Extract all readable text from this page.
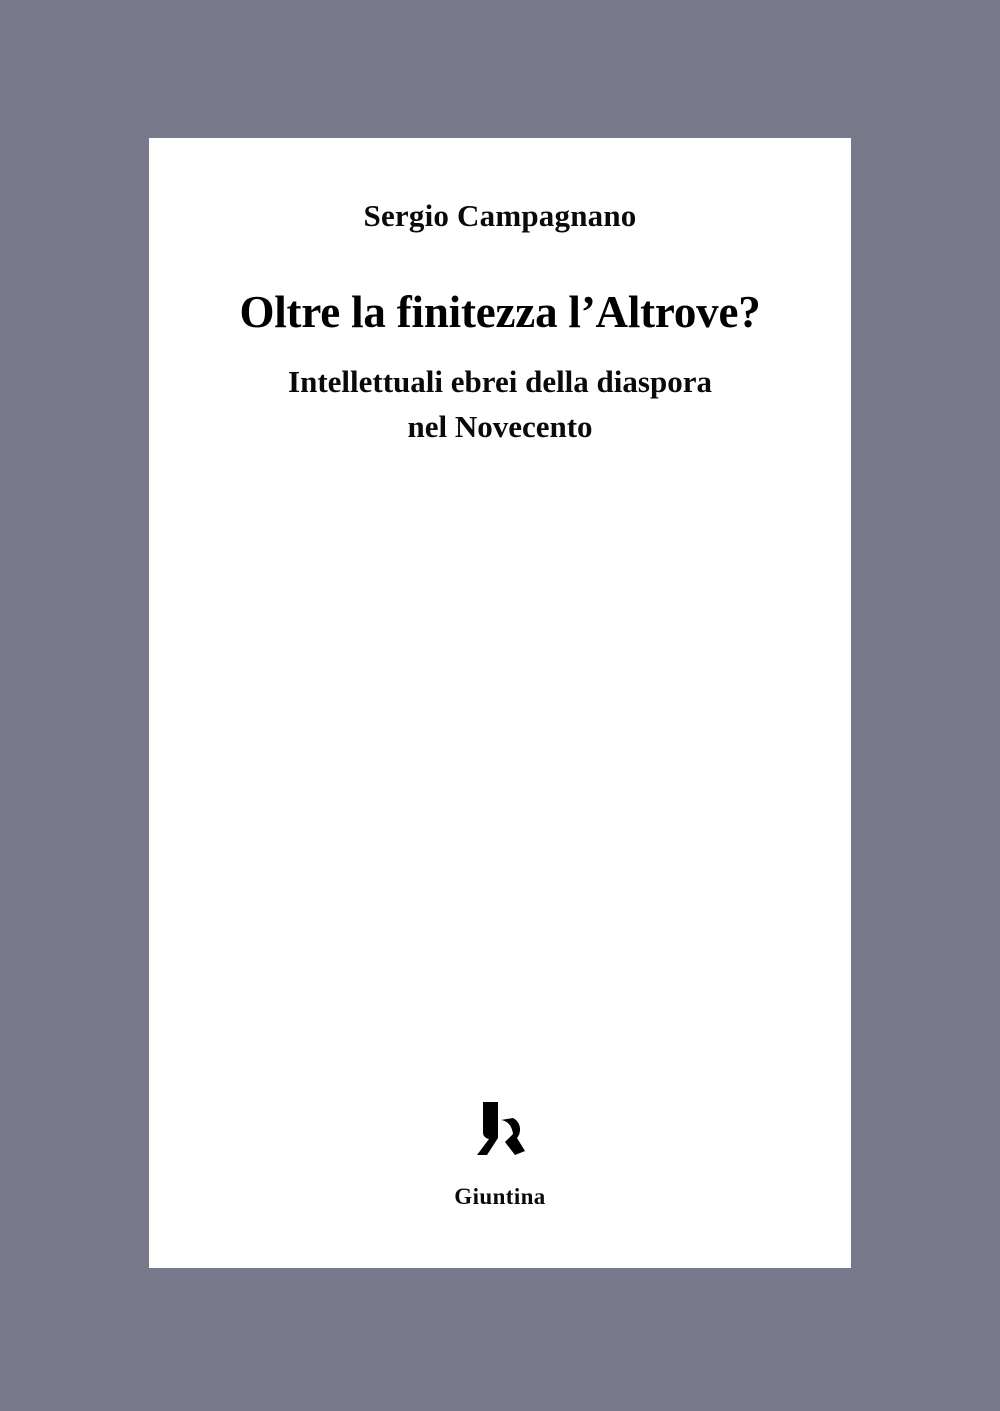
Sergio Campagnano
Oltre la finitezza l’Altrove?
Intellettuali ebrei della diaspora
nel Novecento
Giuntina
